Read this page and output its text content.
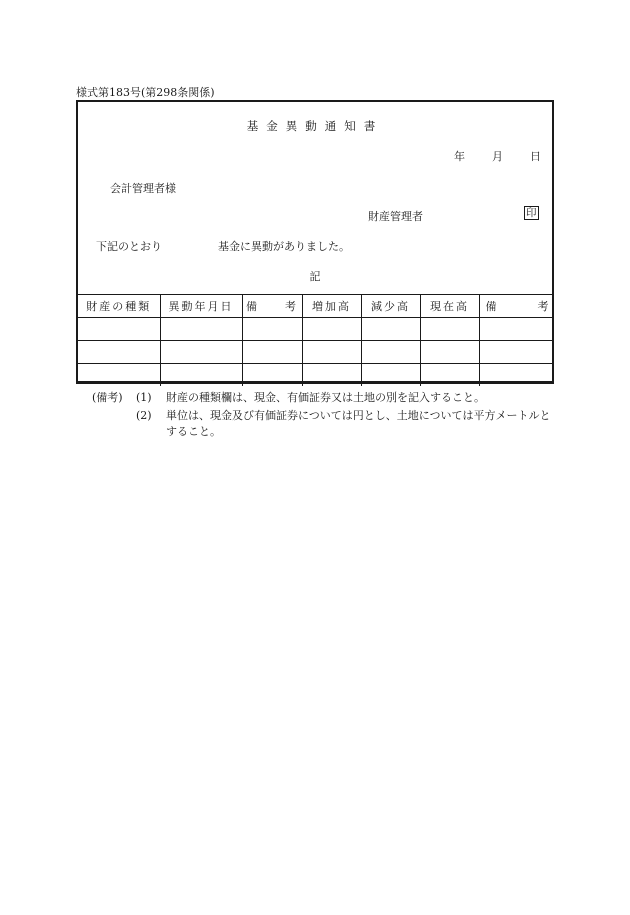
様式第183号(第298条関係)
基金異動通知書
年 月 日
会計管理者様
財産管理者	印
下記のとおり	基金に異動がありました。
記
財産の種類	異動年月日	備　　考	増加高	減少高	現在高	備　　　考

(備考)	(1) 財産の種類欄は、現金、有価証券又は土地の別を記入すること。
(2) 単位は、現金及び有価証券については円とし、土地については平方メートルとすること。
